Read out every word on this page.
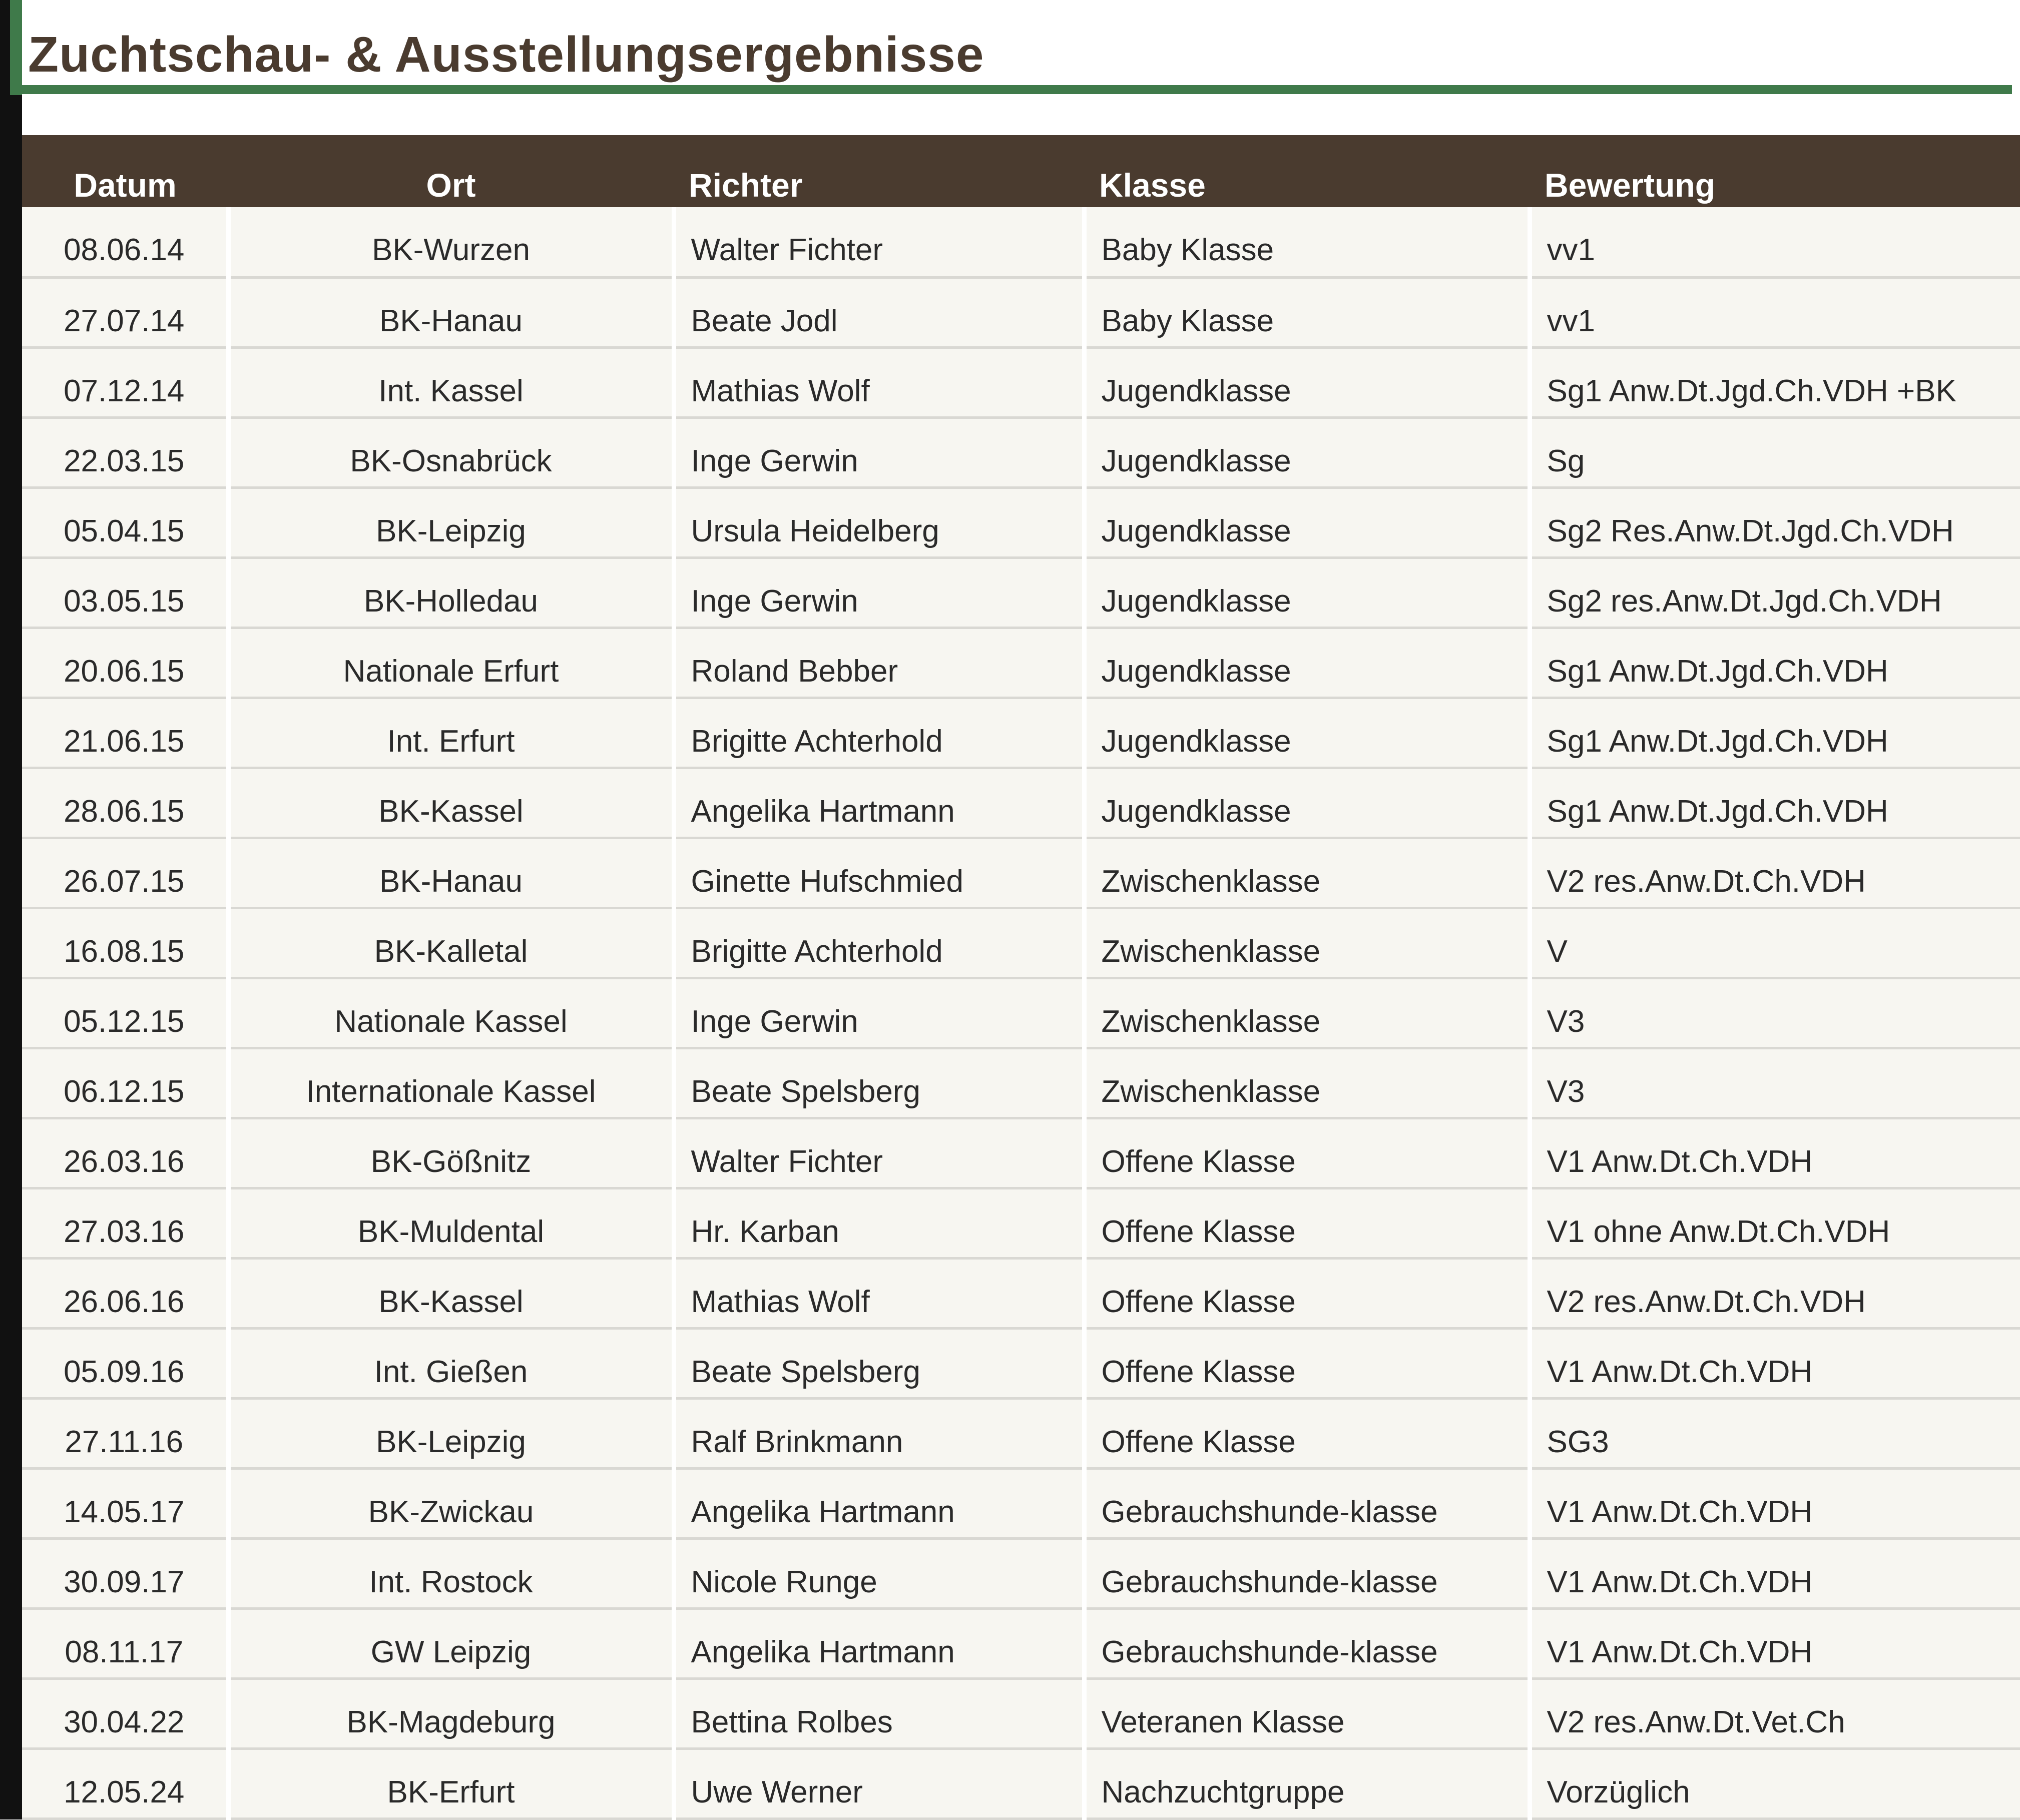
Zuchtschau- & Ausstellungsergebnisse
Datum	Ort	Richter	Klasse	Bewertung
08.06.14	BK-Wurzen	Walter Fichter	Baby Klasse	vv1
27.07.14	BK-Hanau	Beate Jodl	Baby Klasse	vv1
07.12.14	Int. Kassel	Mathias Wolf	Jugendklasse	Sg1 Anw.Dt.Jgd.Ch.VDH +BK
22.03.15	BK-Osnabrück	Inge Gerwin	Jugendklasse	Sg
05.04.15	BK-Leipzig	Ursula Heidelberg	Jugendklasse	Sg2 Res.Anw.Dt.Jgd.Ch.VDH
03.05.15	BK-Holledau	Inge Gerwin	Jugendklasse	Sg2 res.Anw.Dt.Jgd.Ch.VDH
20.06.15	Nationale Erfurt	Roland Bebber	Jugendklasse	Sg1 Anw.Dt.Jgd.Ch.VDH
21.06.15	Int. Erfurt	Brigitte Achterhold	Jugendklasse	Sg1 Anw.Dt.Jgd.Ch.VDH
28.06.15	BK-Kassel	Angelika Hartmann	Jugendklasse	Sg1 Anw.Dt.Jgd.Ch.VDH
26.07.15	BK-Hanau	Ginette Hufschmied	Zwischenklasse	V2 res.Anw.Dt.Ch.VDH
16.08.15	BK-Kalletal	Brigitte Achterhold	Zwischenklasse	V
05.12.15	Nationale Kassel	Inge Gerwin	Zwischenklasse	V3
06.12.15	Internationale Kassel	Beate Spelsberg	Zwischenklasse	V3
26.03.16	BK-Gößnitz	Walter Fichter	Offene Klasse	V1 Anw.Dt.Ch.VDH
27.03.16	BK-Muldental	Hr. Karban	Offene Klasse	V1 ohne Anw.Dt.Ch.VDH
26.06.16	BK-Kassel	Mathias Wolf	Offene Klasse	V2 res.Anw.Dt.Ch.VDH
05.09.16	Int. Gießen	Beate Spelsberg	Offene Klasse	V1 Anw.Dt.Ch.VDH
27.11.16	BK-Leipzig	Ralf Brinkmann	Offene Klasse	SG3
14.05.17	BK-Zwickau	Angelika Hartmann	Gebrauchshunde-klasse	V1 Anw.Dt.Ch.VDH
30.09.17	Int. Rostock	Nicole Runge	Gebrauchshunde-klasse	V1 Anw.Dt.Ch.VDH
08.11.17	GW Leipzig	Angelika Hartmann	Gebrauchshunde-klasse	V1 Anw.Dt.Ch.VDH
30.04.22	BK-Magdeburg	Bettina Rolbes	Veteranen Klasse	V2 res.Anw.Dt.Vet.Ch
12.05.24	BK-Erfurt	Uwe Werner	Nachzuchtgruppe	Vorzüglich
